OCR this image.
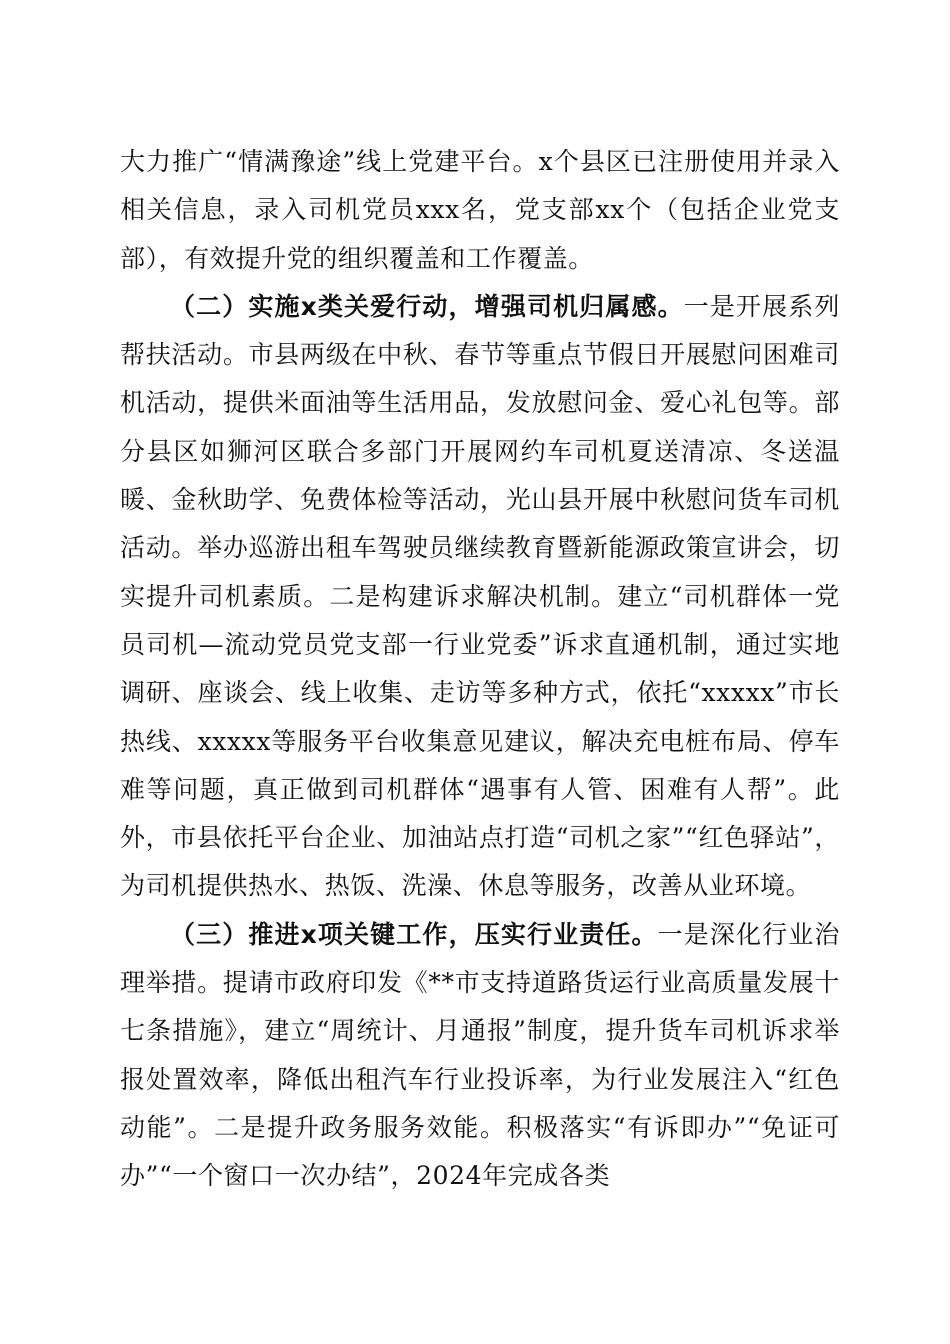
大力推广“情满豫途”线上党建平台。x个县区已注册使用并录入相关信息，录入司机党员xxx名，党支部xx个（包括企业党支部），有效提升党的组织覆盖和工作覆盖。

（二）实施x类关爱行动，增强司机归属感。一是开展系列帮扶活动。市县两级在中秋、春节等重点节假日开展慰问困难司机活动，提供米面油等生活用品，发放慰问金、爱心礼包等。部分县区如狮河区联合多部门开展网约车司机夏送清凉、冬送温暖、金秋助学、免费体检等活动，光山县开展中秋慰问货车司机活动。举办巡游出租车驾驶员继续教育暨新能源政策宣讲会，切实提升司机素质。二是构建诉求解决机制。建立“司机群体一党员司机—流动党员党支部一行业党委”诉求直通机制，通过实地调研、座谈会、线上收集、走访等多种方式，依托“xxxxx”市长热线、xxxxx等服务平台收集意见建议，解决充电桩布局、停车难等问题，真正做到司机群体“遇事有人管、困难有人帮”。此外，市县依托平台企业、加油站点打造“司机之家”“红色驿站”，为司机提供热水、热饭、洗澡、休息等服务，改善从业环境。

（三）推进x项关键工作，压实行业责任。一是深化行业治理举措。提请市政府印发《**市支持道路货运行业高质量发展十七条措施》，建立“周统计、月通报”制度，提升货车司机诉求举报处置效率，降低出租汽车行业投诉率，为行业发展注入“红色动能”。二是提升政务服务效能。积极落实“有诉即办”“免证可办”“一个窗口一次办结”，2024年完成各类
